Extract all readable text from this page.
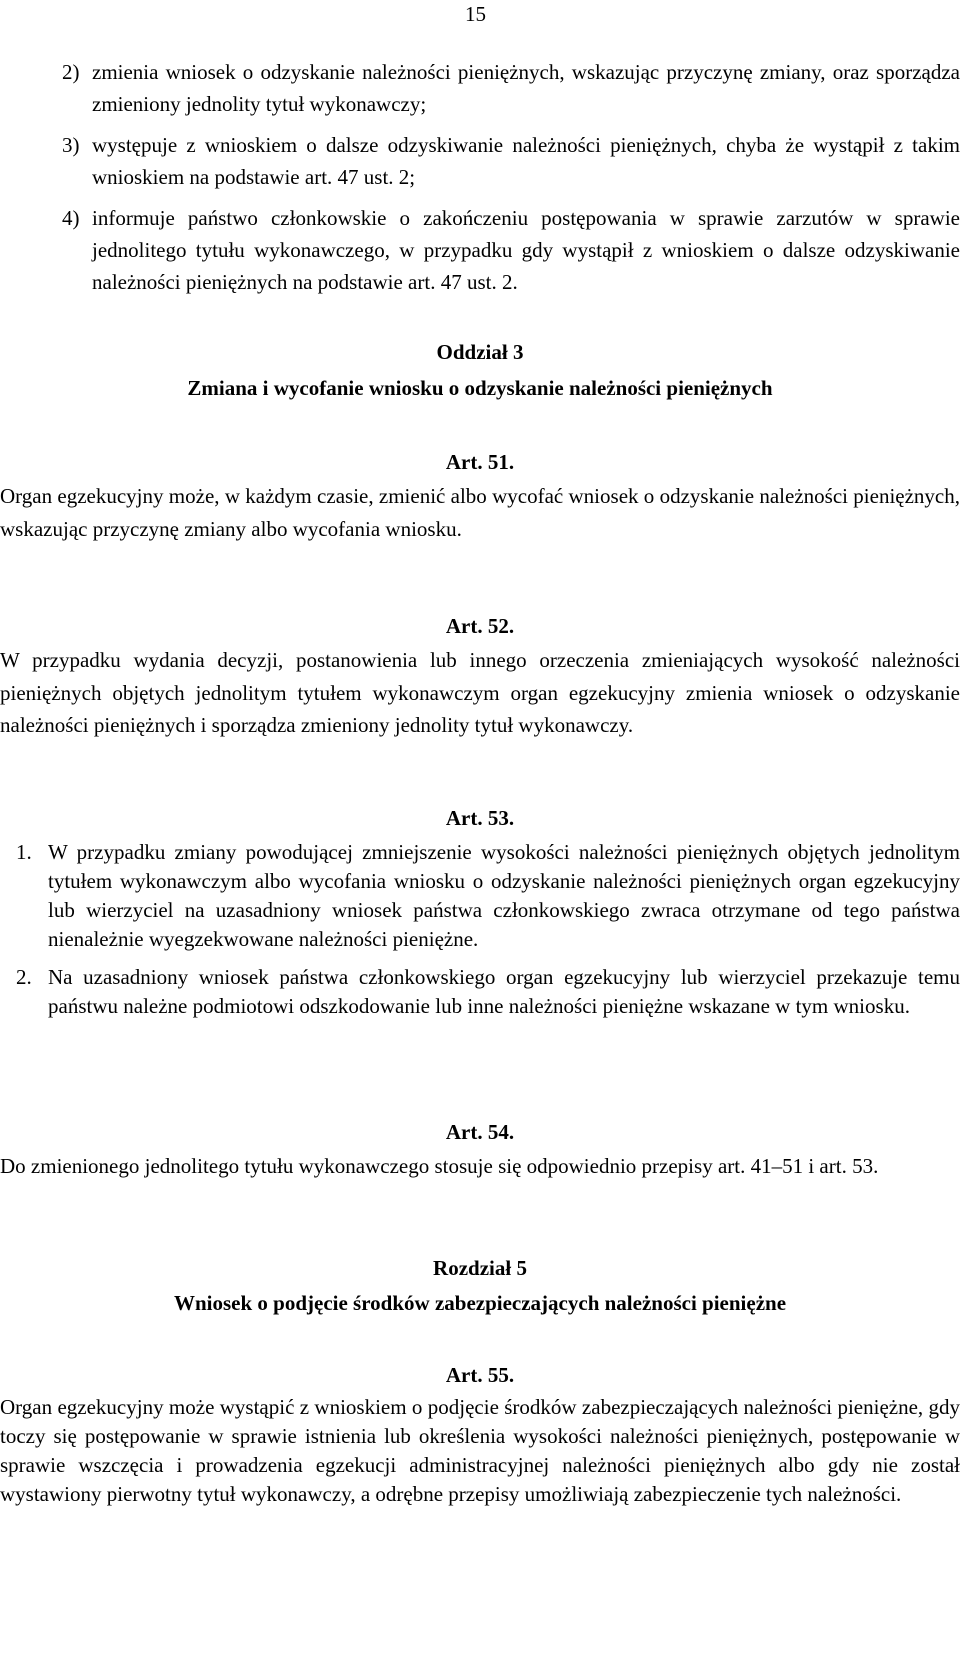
15
2) zmienia wniosek o odzyskanie należności pieniężnych, wskazując przyczynę zmiany, oraz sporządza zmieniony jednolity tytuł wykonawczy;
3) występuje z wnioskiem o dalsze odzyskiwanie należności pieniężnych, chyba że wystąpił z takim wnioskiem na podstawie art. 47 ust. 2;
4) informuje państwo członkowskie o zakończeniu postępowania w sprawie zarzutów w sprawie jednolitego tytułu wykonawczego, w przypadku gdy wystąpił z wnioskiem o dalsze odzyskiwanie należności pieniężnych na podstawie art. 47 ust. 2.
Oddział 3
Zmiana i wycofanie wniosku o odzyskanie należności pieniężnych
Art. 51.
Organ egzekucyjny może, w każdym czasie, zmienić albo wycofać wniosek o odzyskanie należności pieniężnych, wskazując przyczynę zmiany albo wycofania wniosku.
Art. 52.
W przypadku wydania decyzji, postanowienia lub innego orzeczenia zmieniających wysokość należności pieniężnych objętych jednolitym tytułem wykonawczym organ egzekucyjny zmienia wniosek o odzyskanie należności pieniężnych i sporządza zmieniony jednolity tytuł wykonawczy.
Art. 53.
1. W przypadku zmiany powodującej zmniejszenie wysokości należności pieniężnych objętych jednolitym tytułem wykonawczym albo wycofania wniosku o odzyskanie należności pieniężnych organ egzekucyjny lub wierzyciel na uzasadniony wniosek państwa członkowskiego zwraca otrzymane od tego państwa nienależnie wyegzekwowane należności pieniężne.
2. Na uzasadniony wniosek państwa członkowskiego organ egzekucyjny lub wierzyciel przekazuje temu państwu należne podmiotowi odszkodowanie lub inne należności pieniężne wskazane w tym wniosku.
Art. 54.
Do zmienionego jednolitego tytułu wykonawczego stosuje się odpowiednio przepisy art. 41–51 i art. 53.
Rozdział 5
Wniosek o podjęcie środków zabezpieczających należności pieniężne
Art. 55.
Organ egzekucyjny może wystąpić z wnioskiem o podjęcie środków zabezpieczających należności pieniężne, gdy toczy się postępowanie w sprawie istnienia lub określenia wysokości należności pieniężnych, postępowanie w sprawie wszczęcia i prowadzenia egzekucji administracyjnej należności pieniężnych albo gdy nie został wystawiony pierwotny tytuł wykonawczy, a odrębne przepisy umożliwiają zabezpieczenie tych należności.
